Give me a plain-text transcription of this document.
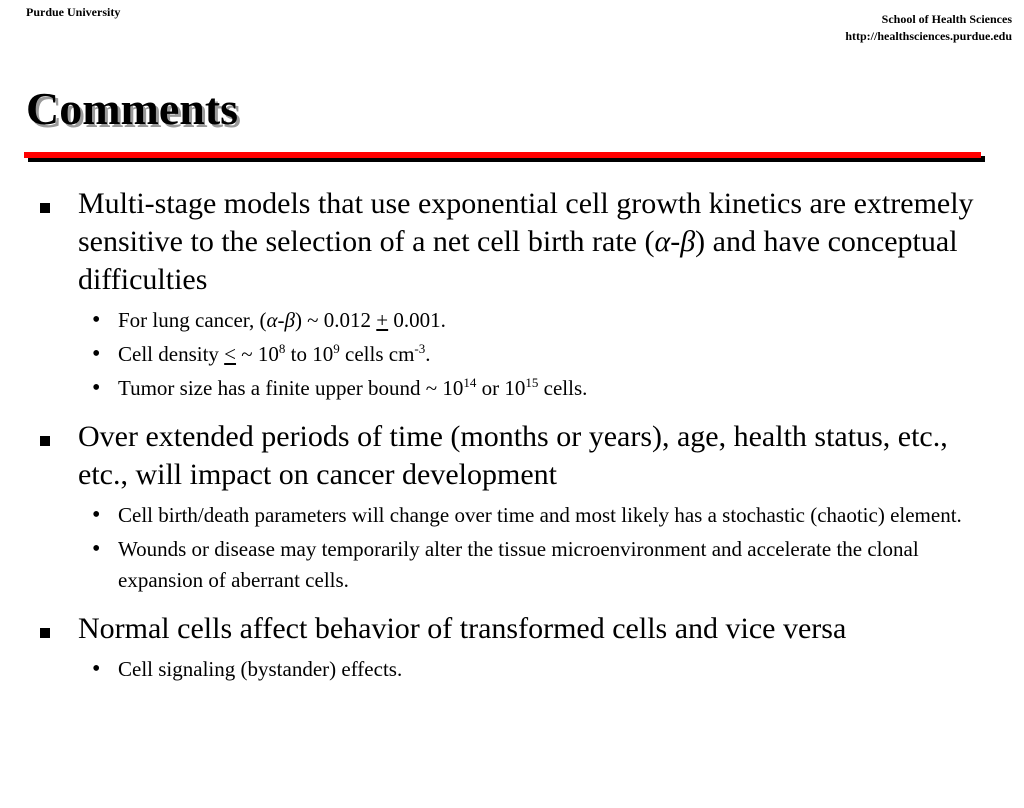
Purdue University	School of Health Sciences
http://healthsciences.purdue.edu
Comments
Multi-stage models that use exponential cell growth kinetics are extremely sensitive to the selection of a net cell birth rate (α-β) and have conceptual difficulties
• For lung cancer, (α-β) ~ 0.012 + 0.001.
• Cell density < ~ $10^8$ to $10^9$ cells $cm^{-3}$.
• Tumor size has a finite upper bound ~ $10^{14}$ or $10^{15}$ cells.
Over extended periods of time (months or years), age, health status, etc., etc., will impact on cancer development
• Cell birth/death parameters will change over time and most likely has a stochastic (chaotic) element.
• Wounds or disease may temporarily alter the tissue microenvironment and accelerate the clonal expansion of aberrant cells.
Normal cells affect behavior of transformed cells and vice versa
• Cell signaling (bystander) effects.
